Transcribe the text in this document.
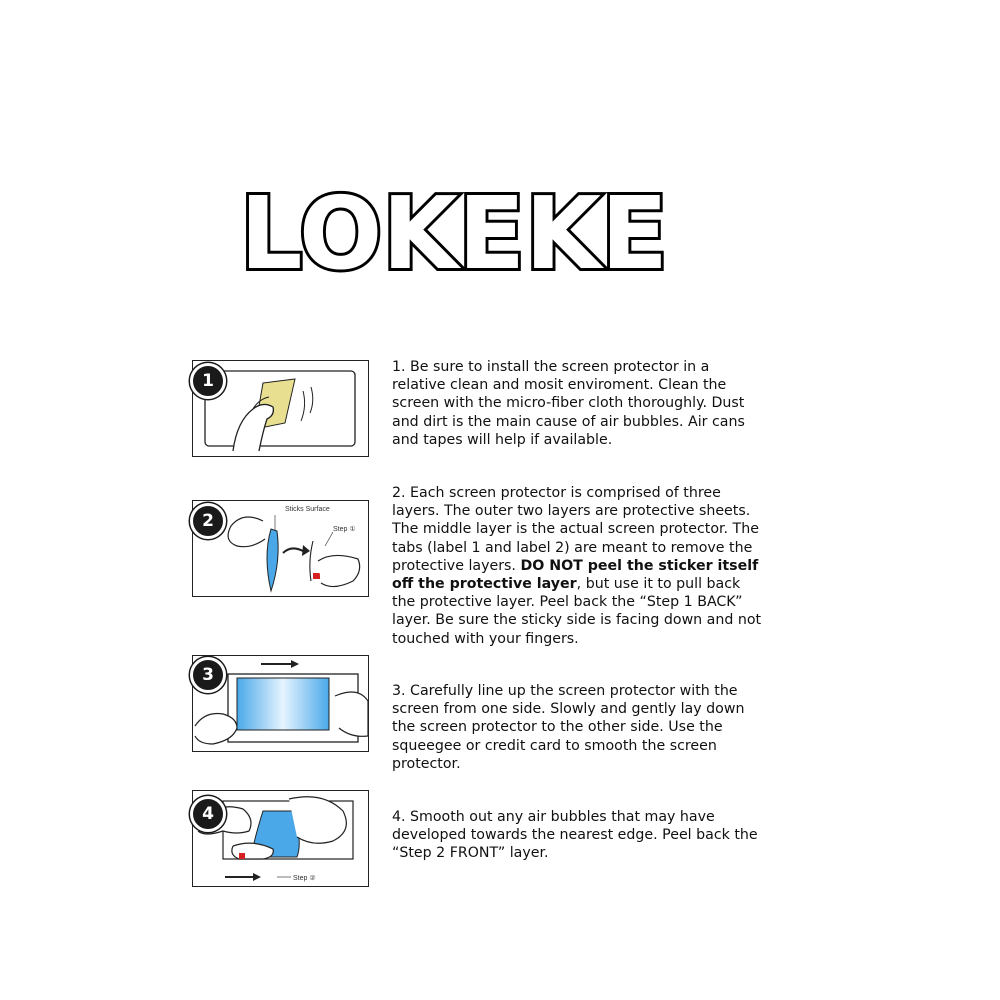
LOKEKE
1
1. Be sure to install the screen protector in a relative clean and mosit enviroment. Clean the screen with the micro-fiber cloth thoroughly. Dust and dirt is the main cause of air bubbles. Air cans and tapes will help if available.
Sticks Surface
Step ①
2
2. Each screen protector is comprised of three layers. The outer two layers are protective sheets. The middle layer is the actual screen protector. The tabs (label 1 and label 2) are meant to remove the protective layers. DO NOT peel the sticker itself off the protective layer, but use it to pull back the protective layer. Peel back the “Step 1 BACK” layer. Be sure the sticky side is facing down and not touched with your fingers.
3
3. Carefully line up the screen protector with the screen from one side. Slowly and gently lay down the screen protector to the other side. Use the squeegee or credit card to smooth the screen protector.
Step ②
4	4. Smooth out any air bubbles that may have developed towards the nearest edge. Peel back the “Step 2 FRONT” layer.
